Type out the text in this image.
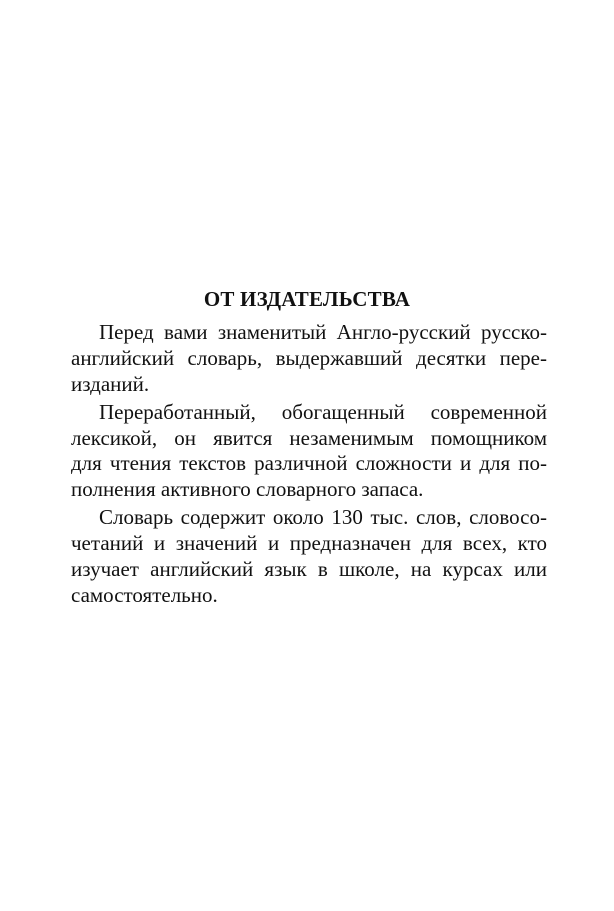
ОТ ИЗДАТЕЛЬСТВА
Перед вами знаменитый Англо-русский русско-
английский словарь, выдержавший десятки пере-
изданий.
Переработанный, обогащенный современной
лексикой, он явится незаменимым помощником
для чтения текстов различной сложности и для по-
полнения активного словарного запаса.
Словарь содержит около 130 тыс. слов, словосо-
четаний и значений и предназначен для всех, кто
изучает английский язык в школе, на курсах или
самостоятельно.
